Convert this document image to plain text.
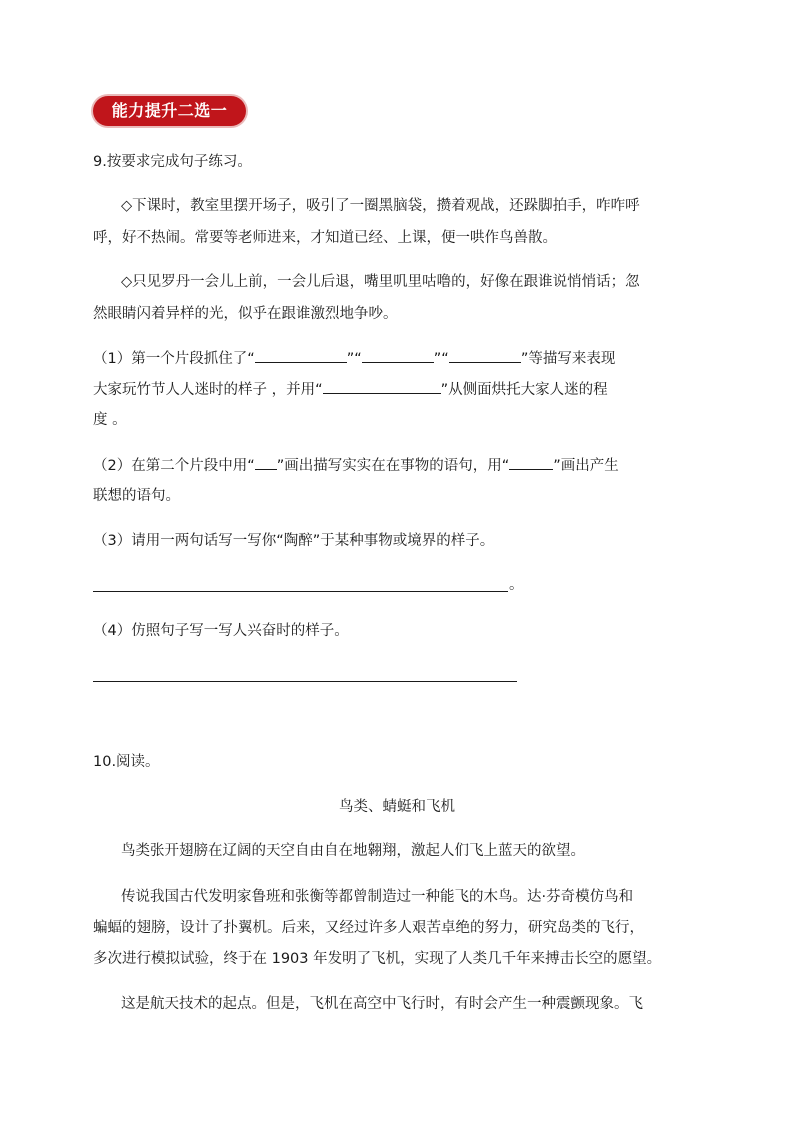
能力提升二选一
9.按要求完成句子练习。
◇下课时，教室里摆开场子，吸引了一圈黑脑袋，攒着观战，还跺脚拍手，咋咋呼
呼，好不热闹。常要等老师进来，才知道已经、上课，便一哄作鸟兽散。
◇只见罗丹一会儿上前，一会儿后退，嘴里叽里咕噜的，好像在跟谁说悄悄话；忽
然眼睛闪着异样的光，似乎在跟谁激烈地争吵。
（1）第一个片段抓住了“	”“	”“	”等描写来表现
大家玩竹节人人迷时的样子 ，并用“	”从侧面烘托大家人迷的程
度 。
（2）在第二个片段中用“ ”画出描写实实在在事物的语句，用“	”画出产生
联想的语句。
（3）请用一两句话写一写你“陶醉”于某种事物或境界的样子。
。
（4）仿照句子写一写人兴奋时的样子。
10.阅读。
鸟类、蜻蜓和飞机
鸟类张开翅膀在辽阔的天空自由自在地翱翔，激起人们飞上蓝天的欲望。
传说我国古代发明家鲁班和张衡等都曾制造过一种能飞的木鸟。达·芬奇模仿鸟和
蝙蝠的翅膀，设计了扑翼机。后来，又经过许多人艰苦卓绝的努力，研究岛类的飞行，
多次进行模拟试验，终于在 1903 年发明了飞机，实现了人类几千年来搏击长空的愿望。
这是航天技术的起点。但是，飞机在高空中飞行时，有时会产生一种震颤现象。飞
